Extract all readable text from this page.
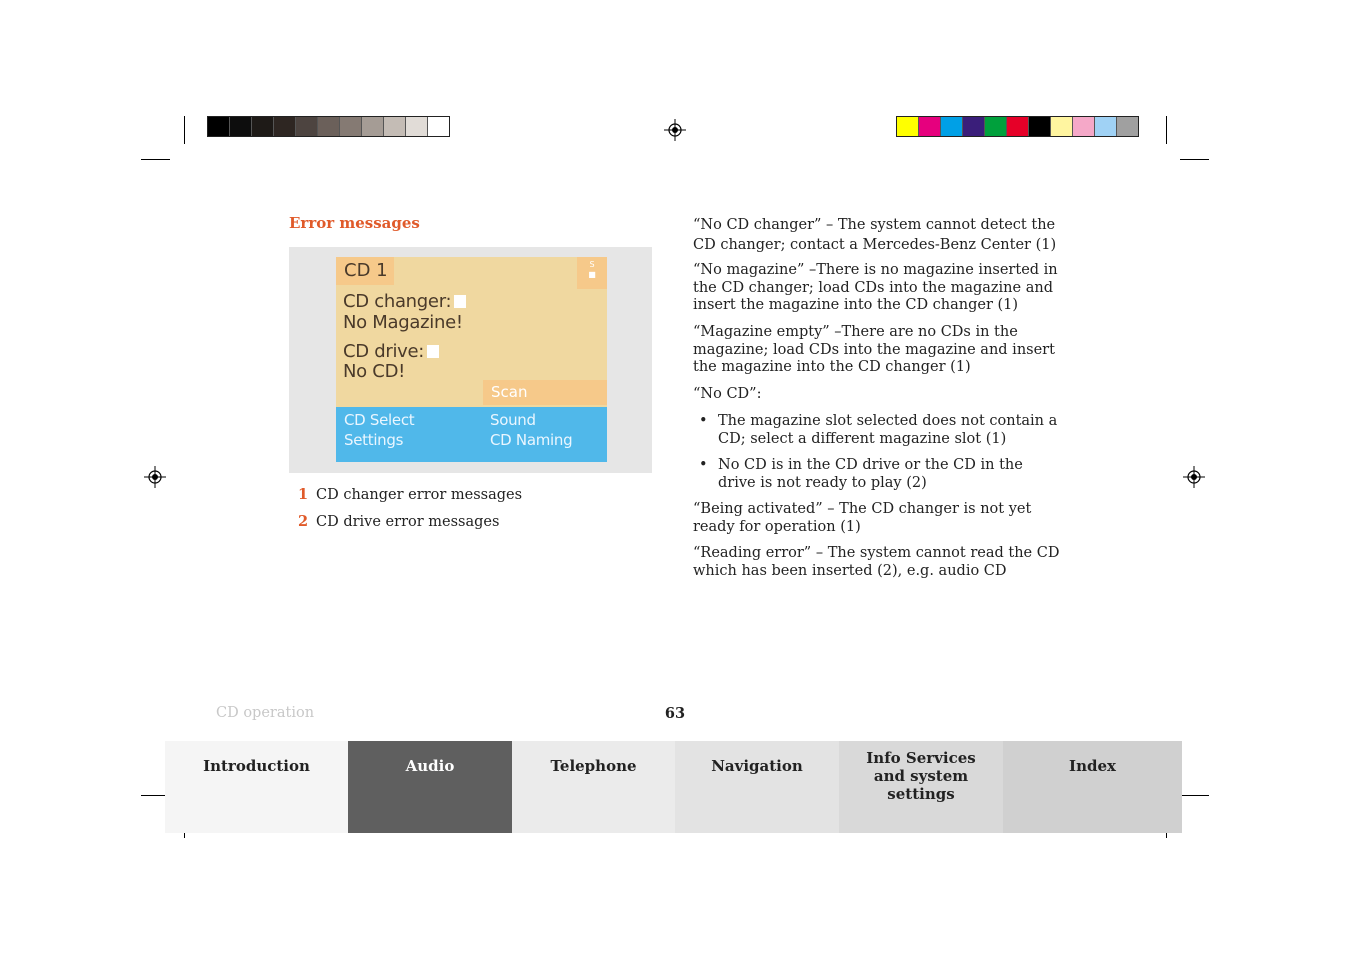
Error messages
CD 1	S
■
CD changer:
No Magazine!
CD drive:
No CD!
Scan
CD Select
Settings
Sound
CD Naming
1 CD changer error messages
2 CD drive error messages
“No CD changer” – The system cannot detect the CD changer; contact a Mercedes-Benz Center (1)
“No magazine” –There is no magazine inserted in the CD changer; load CDs into the magazine and insert the magazine into the CD changer (1)
“Magazine empty” –There are no CDs in the magazine; load CDs into the magazine and insert the magazine into the CD changer (1)
“No CD”:
• The magazine slot selected does not contain a CD; select a different magazine slot (1)
• No CD is in the CD drive or the CD in the drive is not ready to play (2)
“Being activated” – The CD changer is not yet ready for operation (1)
“Reading error” – The system cannot read the CD which has been inserted (2), e.g. audio CD
CD operation	63
Introduction	Audio	Telephone	Navigation	Info Services and system settings
Index
